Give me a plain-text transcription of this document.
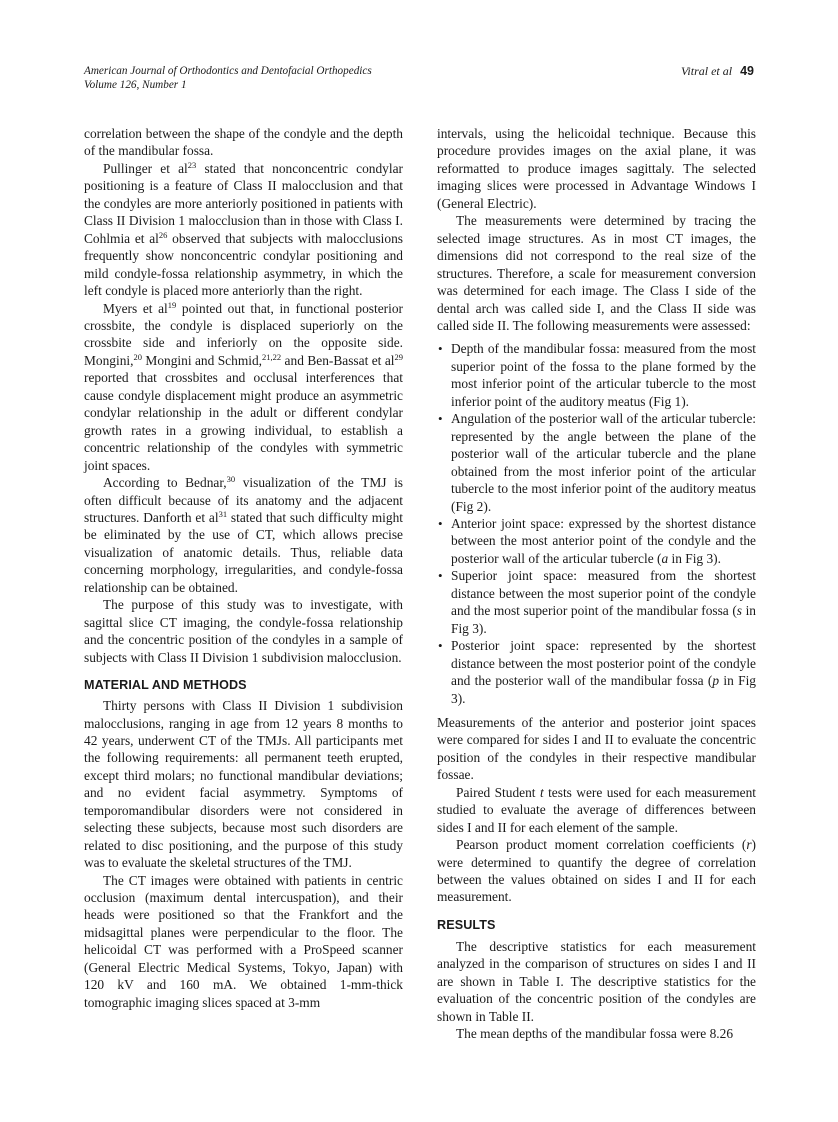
American Journal of Orthodontics and Dentofacial Orthopedics
Volume 126, Number 1
Vitral et al 49

correlation between the shape of the condyle and the depth of the mandibular fossa.

Pullinger et $al^{23}$ stated that nonconcentric condylar positioning is a feature of Class II malocclusion and that the condyles are more anteriorly positioned in patients with Class II Division 1 malocclusion than in those with Class I. Cohlmia et $al^{26}$ observed that subjects with malocclusions frequently show nonconcentric condylar positioning and mild condyle-fossa relationship asymmetry, in which the left condyle is placed more anteriorly than the right.

Myers et $al^{19}$ pointed out that, in functional posterior crossbite, the condyle is displaced superiorly on the crossbite side and inferiorly on the opposite side. Mongini,$^{20}$ Mongini and Schmid,$^{21,22}$ and Ben-Bassat et $al^{29}$ reported that crossbites and occlusal interferences that cause condyle displacement might produce an asymmetric condylar relationship in the adult or different condylar growth rates in a growing individual, to establish a concentric relationship of the condyles with symmetric joint spaces.

According to Bednar,$^{30}$ visualization of the TMJ is often difficult because of its anatomy and the adjacent structures. Danforth et $al^{31}$ stated that such difficulty might be eliminated by the use of CT, which allows precise visualization of anatomic details. Thus, reliable data concerning morphology, irregularities, and condyle-fossa relationship can be obtained.

The purpose of this study was to investigate, with sagittal slice CT imaging, the condyle-fossa relationship and the concentric position of the condyles in a sample of subjects with Class II Division 1 subdivision malocclusion.

MATERIAL AND METHODS

Thirty persons with Class II Division 1 subdivision malocclusions, ranging in age from 12 years 8 months to 42 years, underwent CT of the TMJs. All participants met the following requirements: all permanent teeth erupted, except third molars; no functional mandibular deviations; and no evident facial asymmetry. Symptoms of temporomandibular disorders were not considered in selecting these subjects, because most such disorders are related to disc positioning, and the purpose of this study was to evaluate the skeletal structures of the TMJ.

The CT images were obtained with patients in centric occlusion (maximum dental intercuspation), and their heads were positioned so that the Frankfort and the midsagittal planes were perpendicular to the floor. The helicoidal CT was performed with a ProSpeed scanner (General Electric Medical Systems, Tokyo, Japan) with 120 kV and 160 mA. We obtained 1-mm-thick tomographic imaging slices spaced at 3-mm

intervals, using the helicoidal technique. Because this procedure provides images on the axial plane, it was reformatted to produce images sagittaly. The selected imaging slices were processed in Advantage Windows I (General Electric).

The measurements were determined by tracing the selected image structures. As in most CT images, the dimensions did not correspond to the real size of the structures. Therefore, a scale for measurement conversion was determined for each image. The Class I side of the dental arch was called side I, and the Class II side was called side II. The following measurements were assessed:

• Depth of the mandibular fossa: measured from the most superior point of the fossa to the plane formed by the most inferior point of the articular tubercle to the most inferior point of the auditory meatus (Fig 1).
• Angulation of the posterior wall of the articular tubercle: represented by the angle between the plane of the posterior wall of the articular tubercle and the plane obtained from the most inferior point of the articular tubercle to the most inferior point of the auditory meatus (Fig 2).
• Anterior joint space: expressed by the shortest distance between the most anterior point of the condyle and the posterior wall of the articular tubercle (a in Fig 3).
• Superior joint space: measured from the shortest distance between the most superior point of the condyle and the most superior point of the mandibular fossa (s in Fig 3).
• Posterior joint space: represented by the shortest distance between the most posterior point of the condyle and the posterior wall of the mandibular fossa (p in Fig 3).

Measurements of the anterior and posterior joint spaces were compared for sides I and II to evaluate the concentric position of the condyles in their respective mandibular fossae.

Paired Student t tests were used for each measurement studied to evaluate the average of differences between sides I and II for each element of the sample.

Pearson product moment correlation coefficients (r) were determined to quantify the degree of correlation between the values obtained on sides I and II for each measurement.

RESULTS

The descriptive statistics for each measurement analyzed in the comparison of structures on sides I and II are shown in Table I. The descriptive statistics for the evaluation of the concentric position of the condyles are shown in Table II.

The mean depths of the mandibular fossa were 8.26
